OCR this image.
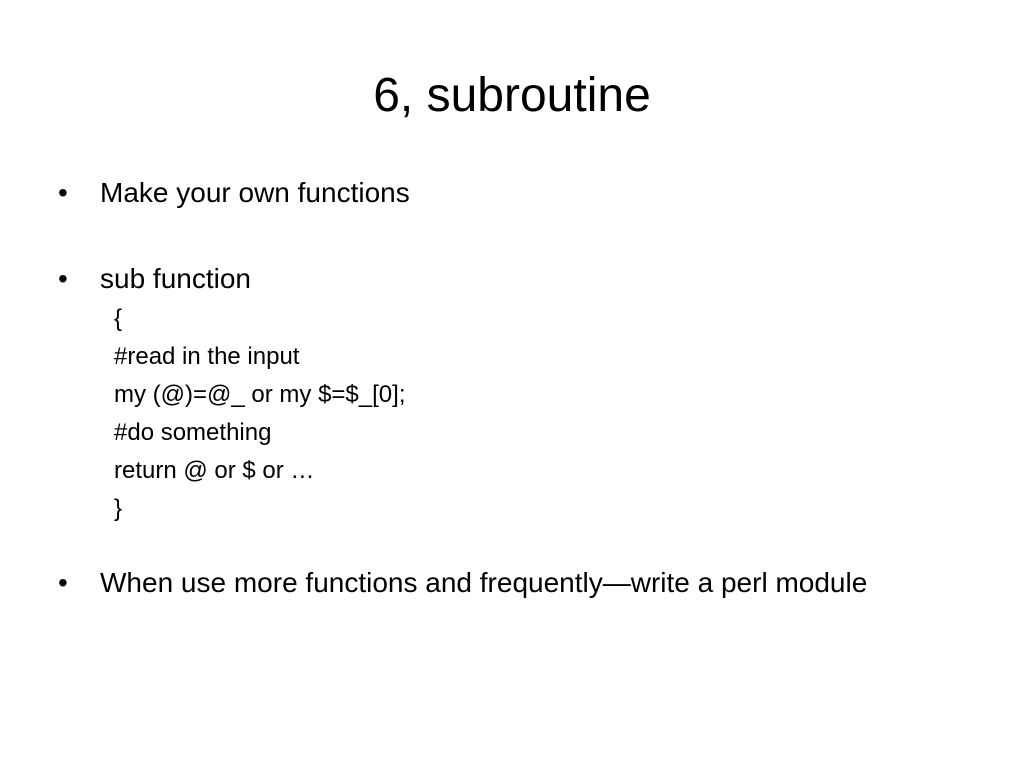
6, subroutine
•	Make your own functions
•	sub function
{
#read in the input
my (@)=@_ or my $=$_[0];
#do something
return @ or $ or …
}
•	When use more functions and frequently—write a perl module
